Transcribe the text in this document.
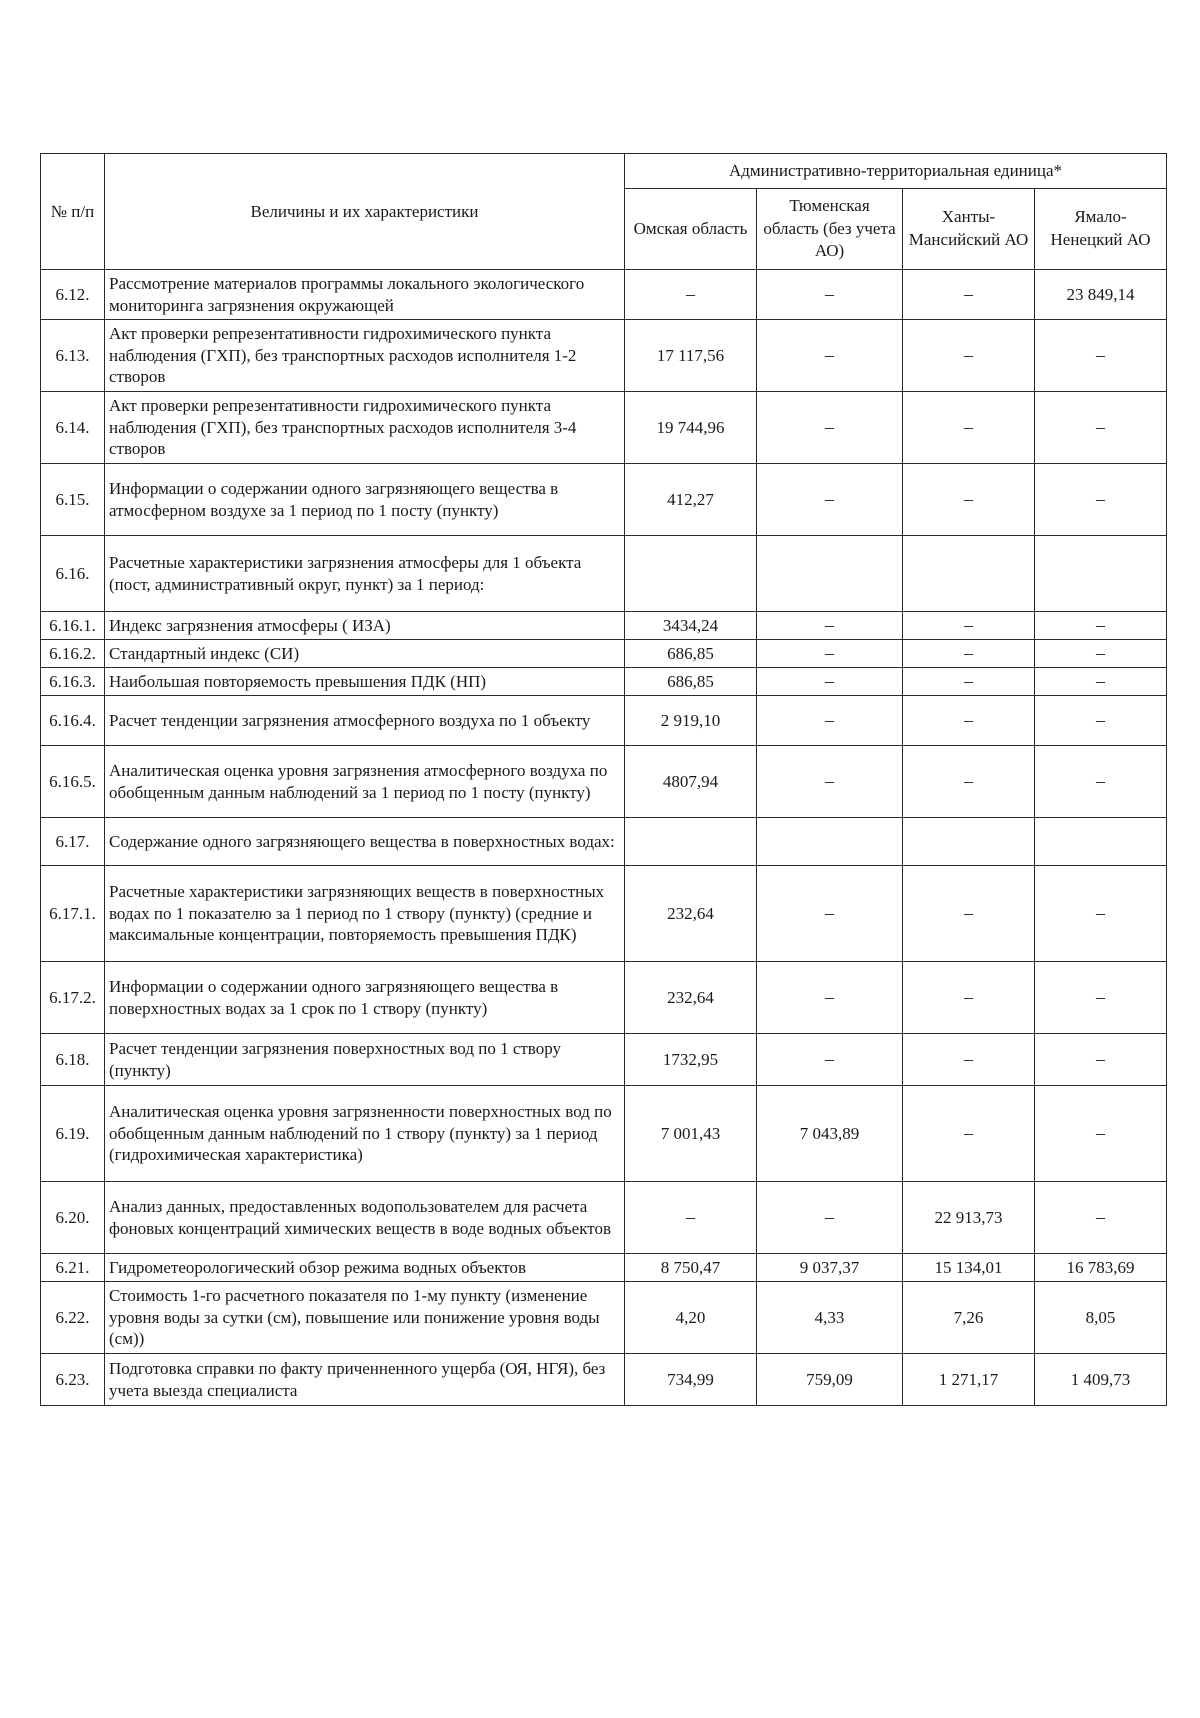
№ п/п	Величины и их характеристики	Административно-территориальная единица*			
		Омская область	Тюменская область (без учета АО)	Ханты-Мансийский АО	Ямало-Ненецкий АО
6.12.	Рассмотрение материалов программы локального экологического мониторинга загрязнения окружающей	–	–	–	23 849,14
6.13.	Акт проверки репрезентативности гидрохимического пункта наблюдения (ГХП), без транспортных расходов исполнителя 1-2 створов	17 117,56	–	–	–
6.14.	Акт проверки репрезентативности гидрохимического пункта наблюдения (ГХП), без транспортных расходов исполнителя 3-4 створов	19 744,96	–	–	–
6.15.	Информации о содержании одного загрязняющего вещества в атмосферном воздухе за 1 период по 1 посту (пункту)	412,27	–	–	–
6.16.	Расчетные характеристики загрязнения атмосферы для 1 объекта (пост, административный округ, пункт) за 1 период:				
6.16.1.	Индекс загрязнения атмосферы ( ИЗА)	3434,24	–	–	–
6.16.2.	Стандартный индекс (СИ)	686,85	–	–	–
6.16.3.	Наибольшая повторяемость превышения ПДК (НП)	686,85	–	–	–
6.16.4.	Расчет тенденции загрязнения атмосферного воздуха по 1 объекту	2 919,10	–	–	–
6.16.5.	Аналитическая оценка уровня загрязнения атмосферного воздуха по обобщенным данным наблюдений за 1 период по 1 посту (пункту)	4807,94	–	–	–
6.17.	Содержание одного загрязняющего вещества в поверхностных водах:				
6.17.1.	Расчетные характеристики загрязняющих веществ в поверхностных водах по 1 показателю за 1 период по 1 створу (пункту) (средние и максимальные концентрации, повторяемость превышения ПДК)	232,64	–	–	–
6.17.2.	Информации о содержании одного загрязняющего вещества в поверхностных водах за 1 срок по 1 створу (пункту)	232,64	–	–	–
6.18.	Расчет тенденции загрязнения поверхностных вод по 1 створу (пункту)	1732,95	–	–	–
6.19.	Аналитическая оценка уровня загрязненности поверхностных вод по обобщенным данным наблюдений по 1 створу (пункту) за 1 период (гидрохимическая характеристика)	7 001,43	7 043,89	–	–
6.20.	Анализ данных, предоставленных водопользователем для расчета фоновых концентраций химических веществ в воде водных объектов	–	–	22 913,73	–
6.21.	Гидрометеорологический обзор режима водных объектов	8 750,47	9 037,37	15 134,01	16 783,69
6.22.	Стоимость 1-го расчетного показателя по 1-му пункту (изменение уровня воды за сутки (см), повышение или понижение уровня воды (см))	4,20	4,33	7,26	8,05
6.23.	Подготовка справки по факту приченненного ущерба (ОЯ, НГЯ), без учета выезда специалиста	734,99	759,09	1 271,17	1 409,73
